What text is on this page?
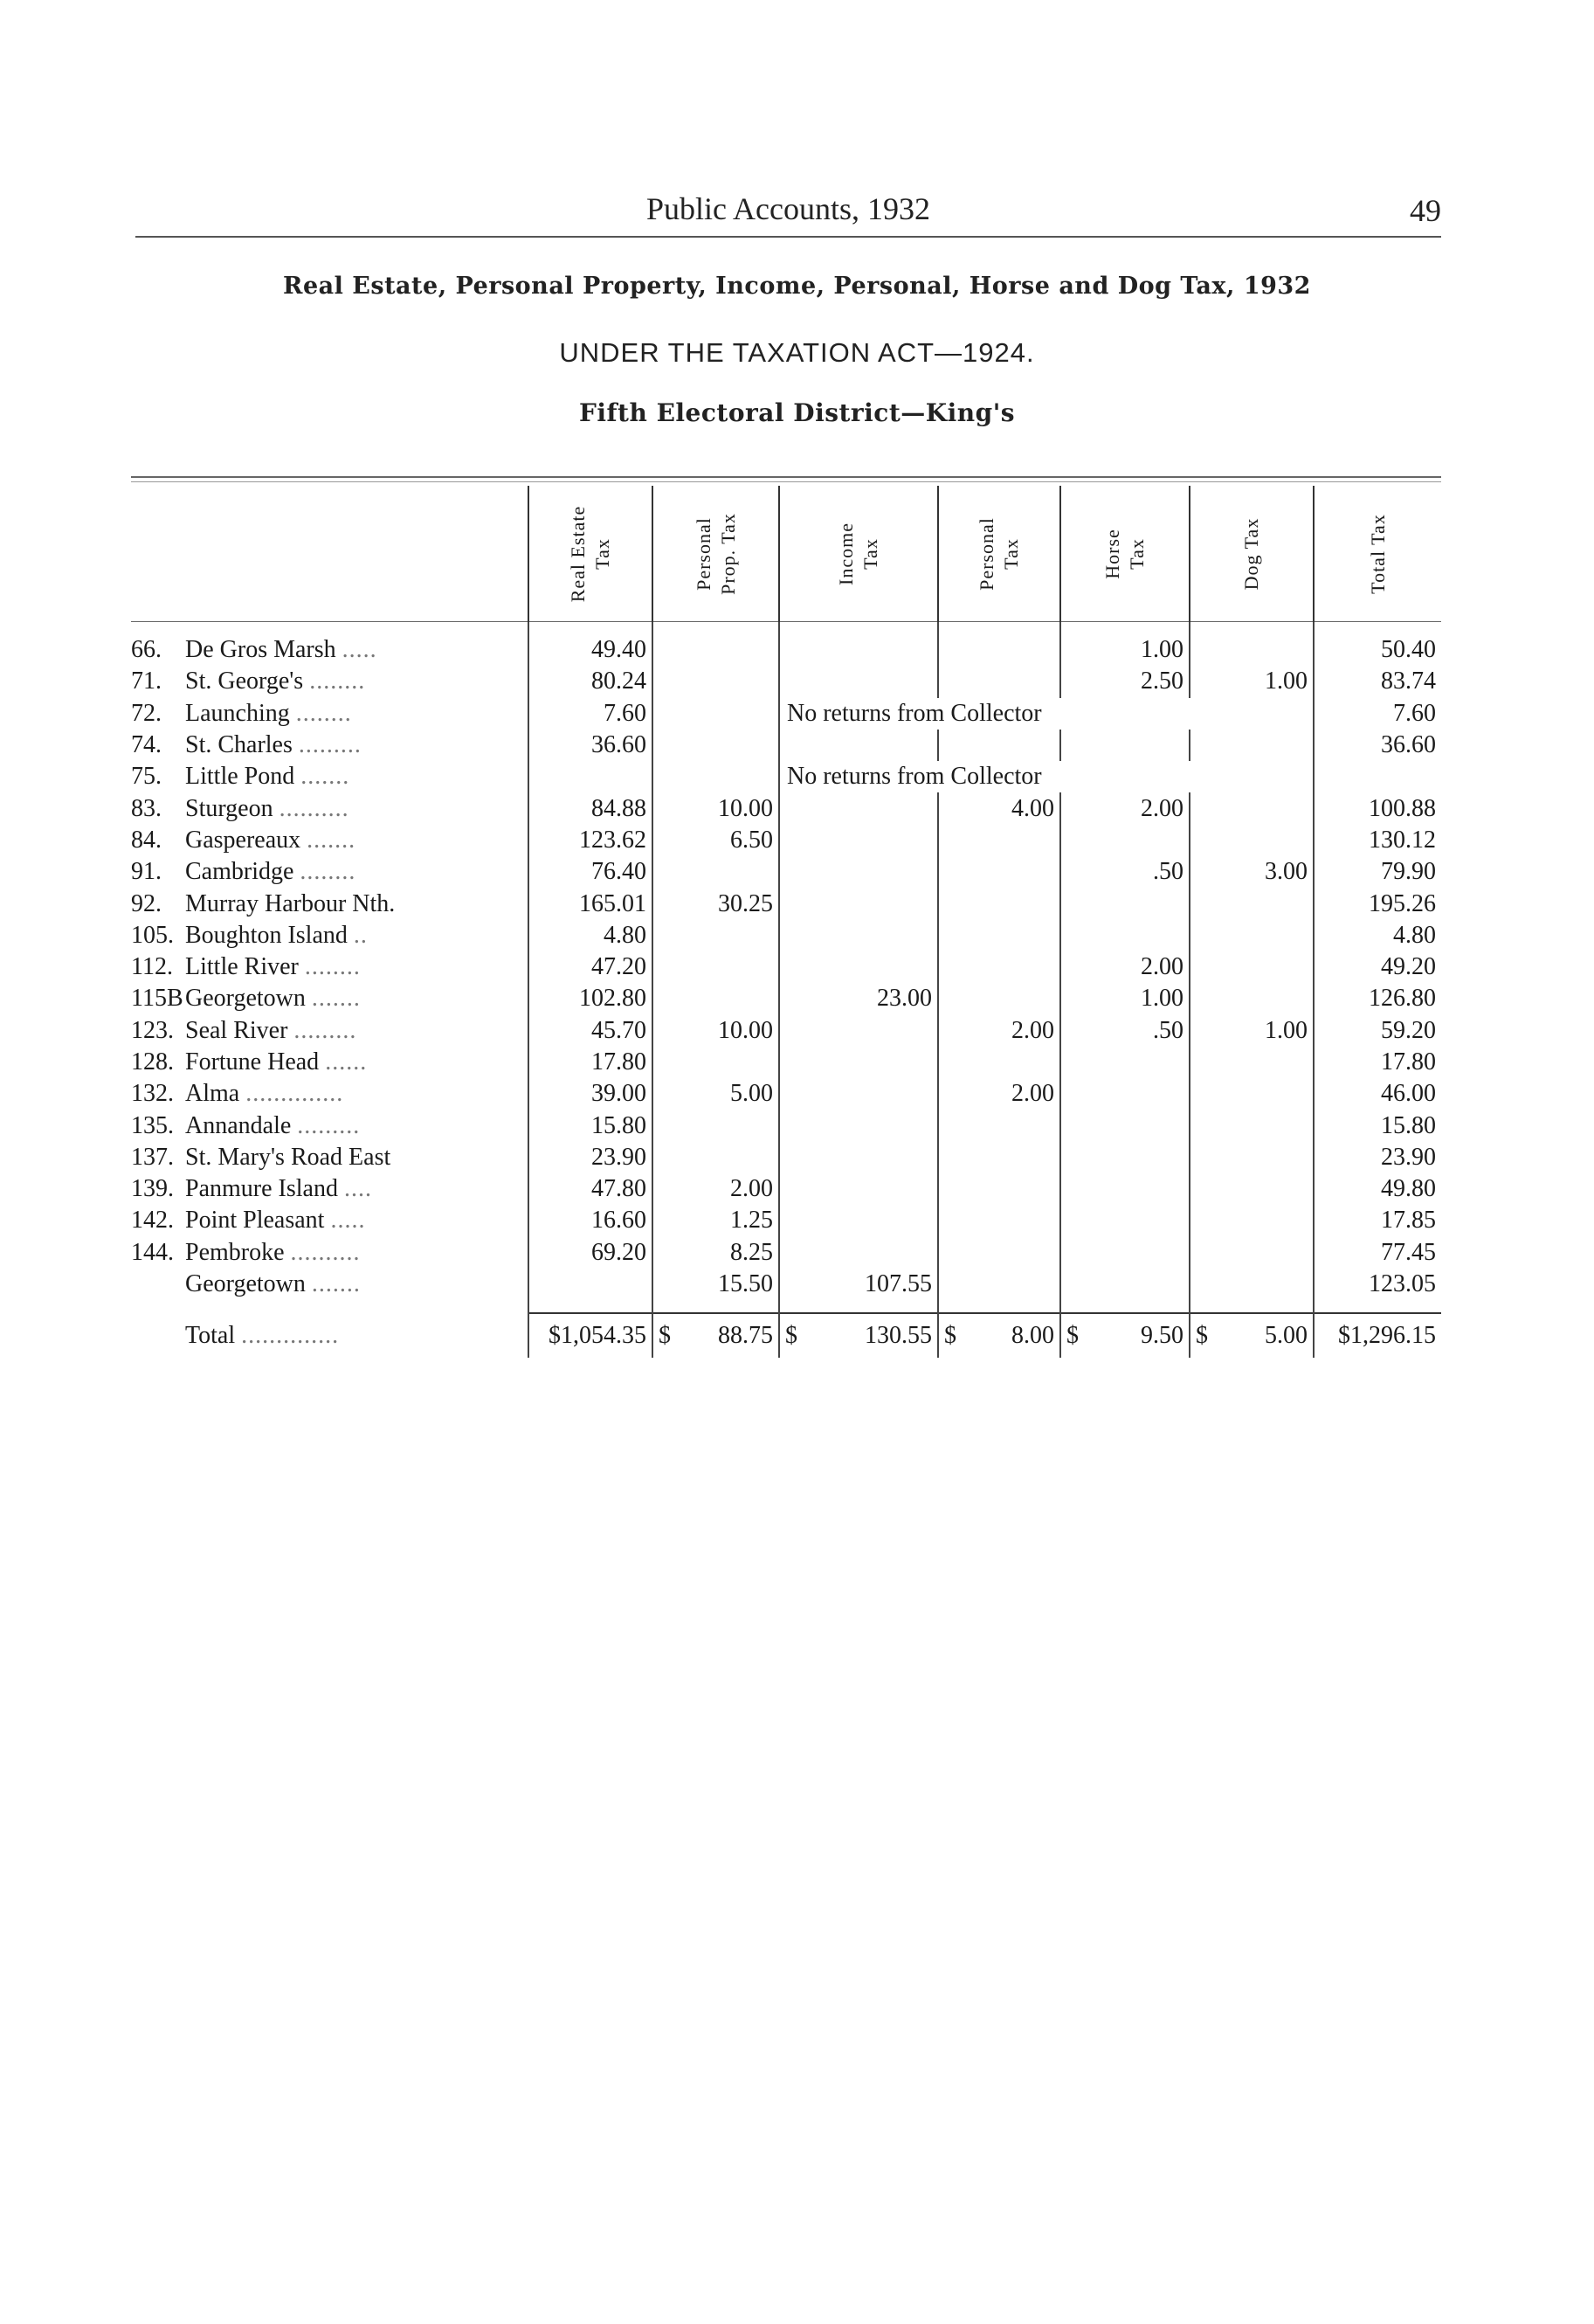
Public Accounts, 1932	49
Real Estate, Personal Property, Income, Personal, Horse and Dog Tax, 1932
UNDER THE TAXATION ACT—1924.
Fifth Electoral District—King's

	Real Estate Tax	Personal Prop. Tax	Income Tax	Personal Tax	Horse Tax	Dog Tax	Total Tax

66. De Gros Marsh .....	49.40				1.00		50.40
71. St. George's ........	80.24				2.50	1.00	83.74
72. Launching ........	7.60		No returns from Collector				7.60
74. St. Charles .........	36.60						36.60
75. Little Pond .......			No returns from Collector				
83. Sturgeon ..........	84.88	10.00		4.00	2.00		100.88
84. Gaspereaux .......	123.62	6.50					130.12
91. Cambridge ........	76.40				.50	3.00	79.90
92. Murray Harbour Nth.	165.01	30.25					195.26
105. Boughton Island ..	4.80						4.80
112. Little River ........	47.20				2.00		49.20
115BGeorgetown .......	102.80		23.00		1.00		126.80
123. Seal River .........	45.70	10.00		2.00	.50	1.00	59.20
128. Fortune Head ......	17.80						17.80
132. Alma ..............	39.00	5.00		2.00			46.00
135. Annandale .........	15.80						15.80
137. St. Mary's Road East	23.90						23.90
139. Panmure Island ....	47.80	2.00					49.80
142. Point Pleasant .....	16.60	1.25					17.85
144. Pembroke ..........	69.20	8.25					77.45
Georgetown .......		15.50	107.55				123.05

Total ..............	$1,054.35	$ 88.75	$ 130.55	$ 8.00	$ 9.50	$ 5.00	$1,296.15
